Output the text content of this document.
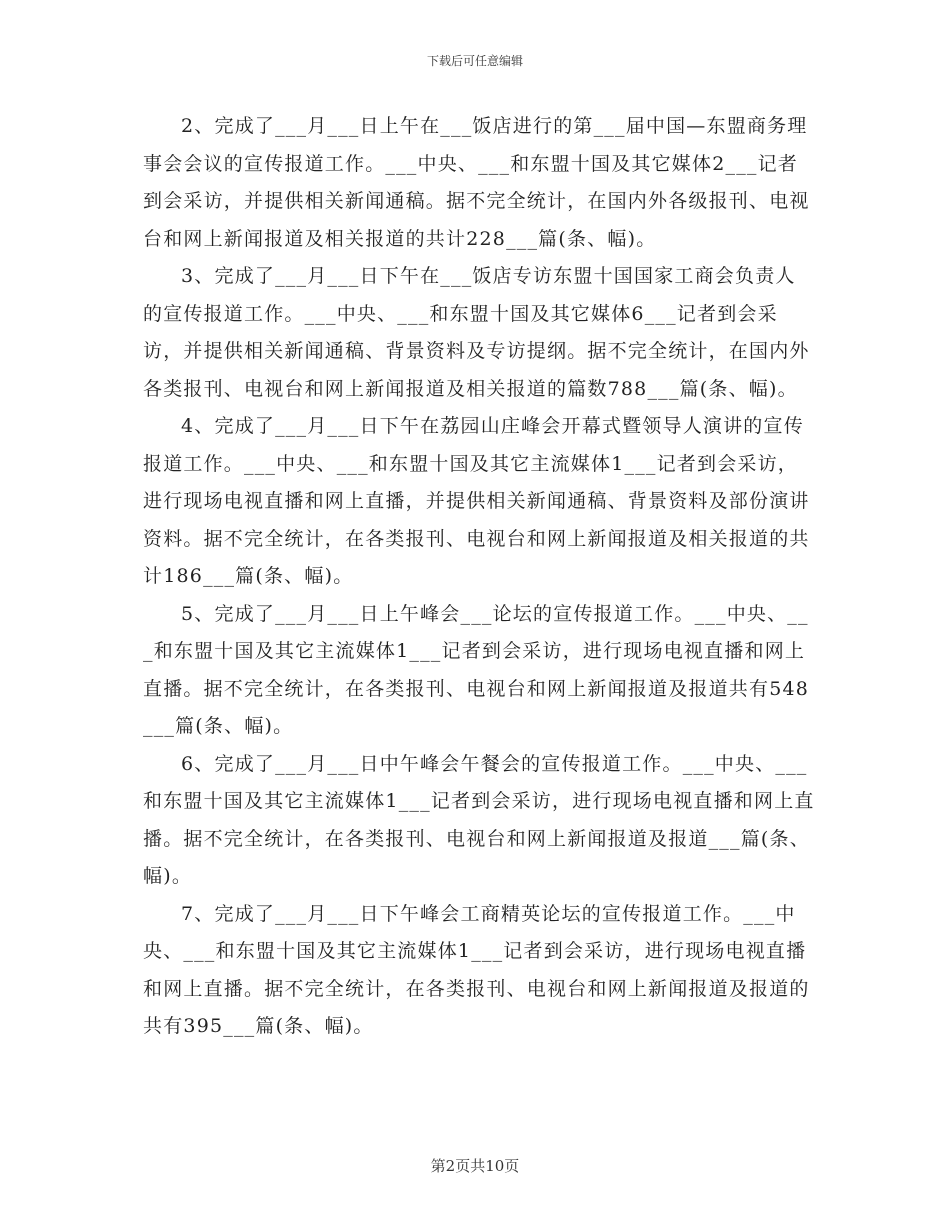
下载后可任意编辑

2、完成了___月___日上午在___饭店进行的第___届中国—东盟商务理事会会议的宣传报道工作。___中央、___和东盟十国及其它媒体2___记者到会采访，并提供相关新闻通稿。据不完全统计，在国内外各级报刊、电视台和网上新闻报道及相关报道的共计228___篇(条、幅)。

3、完成了___月___日下午在___饭店专访东盟十国国家工商会负责人的宣传报道工作。___中央、___和东盟十国及其它媒体6___记者到会采访，并提供相关新闻通稿、背景资料及专访提纲。据不完全统计，在国内外各类报刊、电视台和网上新闻报道及相关报道的篇数788___篇(条、幅)。

4、完成了___月___日下午在荔园山庄峰会开幕式暨领导人演讲的宣传报道工作。___中央、___和东盟十国及其它主流媒体1___记者到会采访，进行现场电视直播和网上直播，并提供相关新闻通稿、背景资料及部份演讲资料。据不完全统计，在各类报刊、电视台和网上新闻报道及相关报道的共计186___篇(条、幅)。

5、完成了___月___日上午峰会___论坛的宣传报道工作。___中央、___和东盟十国及其它主流媒体1___记者到会采访，进行现场电视直播和网上直播。据不完全统计，在各类报刊、电视台和网上新闻报道及报道共有548___篇(条、幅)。

6、完成了___月___日中午峰会午餐会的宣传报道工作。___中央、___和东盟十国及其它主流媒体1___记者到会采访，进行现场电视直播和网上直播。据不完全统计，在各类报刊、电视台和网上新闻报道及报道___篇(条、幅)。

7、完成了___月___日下午峰会工商精英论坛的宣传报道工作。___中央、___和东盟十国及其它主流媒体1___记者到会采访，进行现场电视直播和网上直播。据不完全统计，在各类报刊、电视台和网上新闻报道及报道的共有395___篇(条、幅)。

第2页共10页
